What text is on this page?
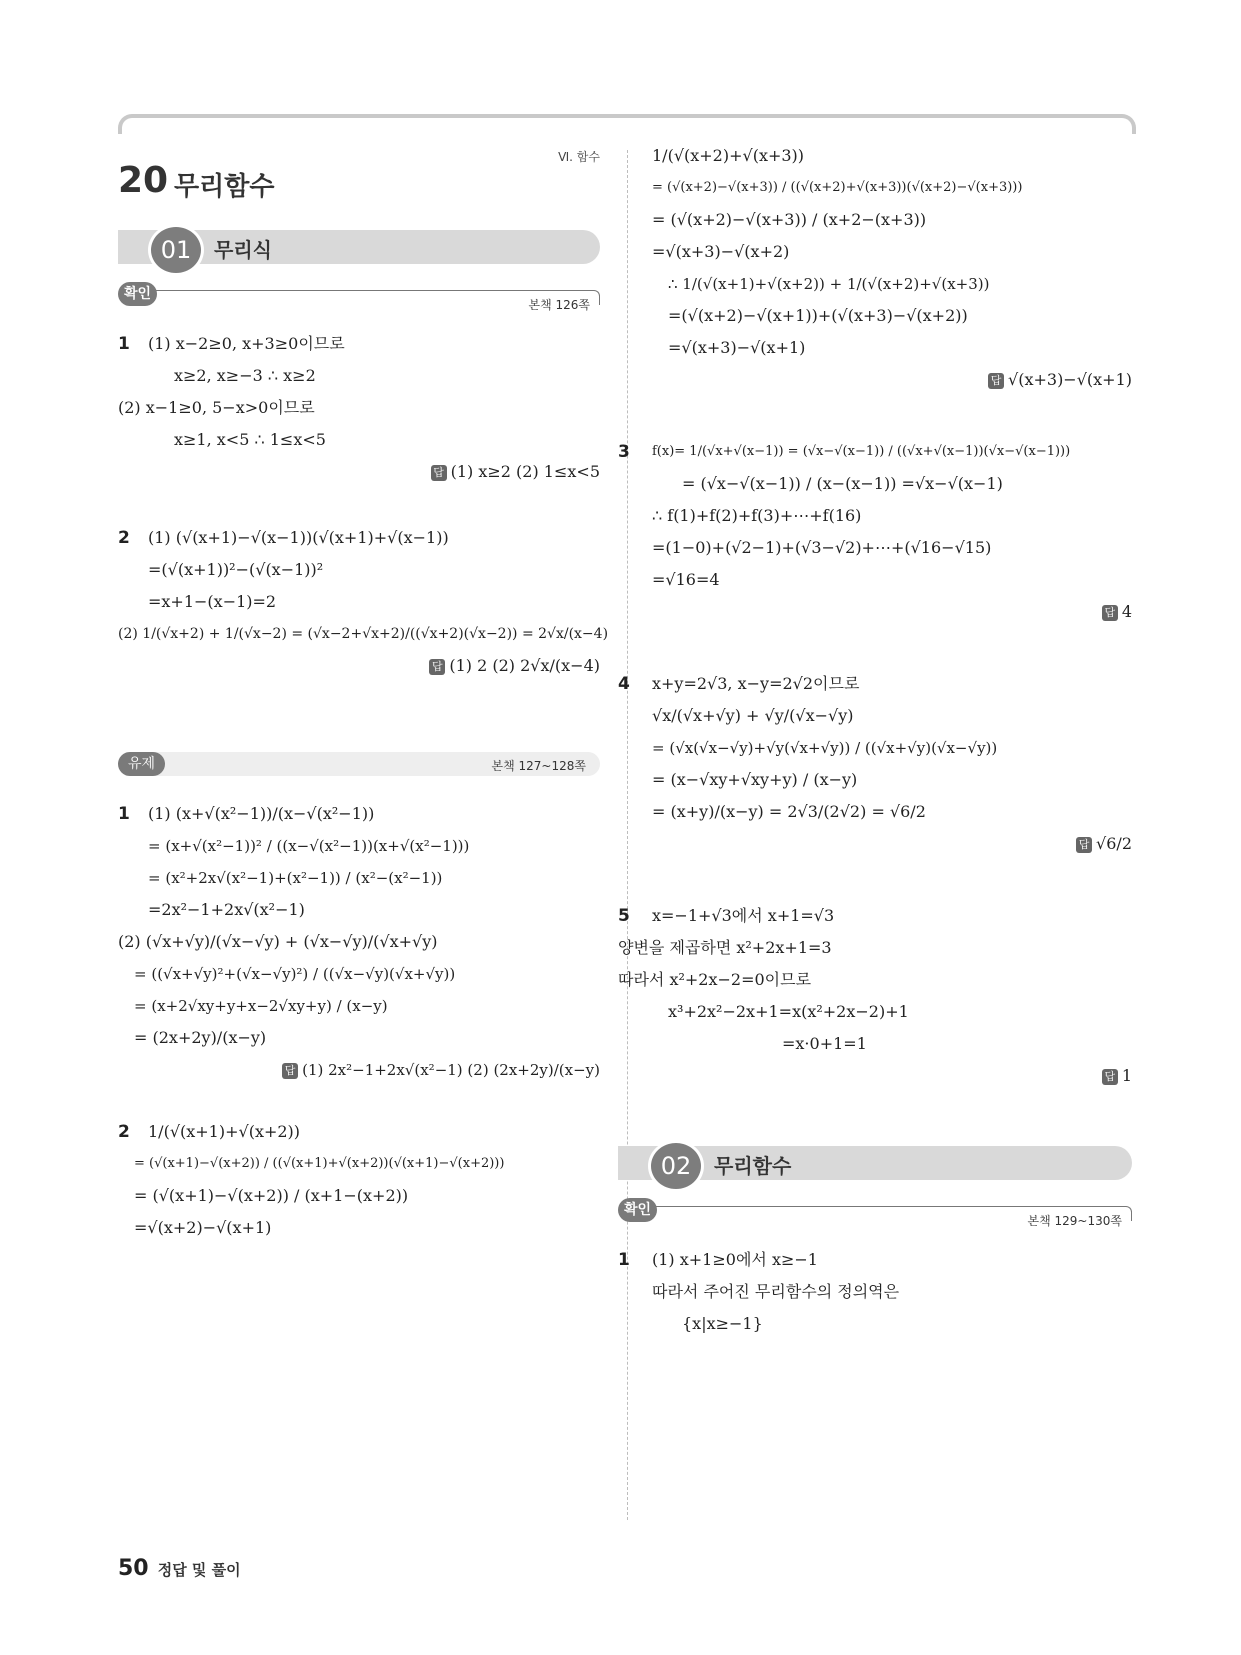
20 무리함수
Ⅵ. 함수
01	무리식
확인
본책 126쪽
1	(1) x−2≥0, x+3≥0이므로
x≥2, x≥−3 ∴ x≥2
(2) x−1≥0, 5−x>0이므로
x≥1, x<5 ∴ 1≤x<5
답 (1) x≥2 (2) 1≤x<5
2	(1) (√(x+1)−√(x−1))(√(x+1)+√(x−1))
=(√(x+1))²−(√(x−1))²
=x+1−(x−1)=2
(2) 1/(√x+2) + 1/(√x−2) = (√x−2+√x+2)/((√x+2)(√x−2)) = 2√x/(x−4)
답 (1) 2 (2) 2√x/(x−4)
유제	본책 127~128쪽
1	(1) (x+√(x²−1))/(x−√(x²−1))
= (x+√(x²−1))² / ((x−√(x²−1))(x+√(x²−1)))
= (x²+2x√(x²−1)+(x²−1)) / (x²−(x²−1))
=2x²−1+2x√(x²−1)
(2) (√x+√y)/(√x−√y) + (√x−√y)/(√x+√y)
= ((√x+√y)²+(√x−√y)²) / ((√x−√y)(√x+√y))
= (x+2√xy+y+x−2√xy+y) / (x−y)
= (2x+2y)/(x−y)
답 (1) 2x²−1+2x√(x²−1) (2) (2x+2y)/(x−y)
2	1/(√(x+1)+√(x+2))
= (√(x+1)−√(x+2)) / ((√(x+1)+√(x+2))(√(x+1)−√(x+2)))
= (√(x+1)−√(x+2)) / (x+1−(x+2))
=√(x+2)−√(x+1)
1/(√(x+2)+√(x+3))
= (√(x+2)−√(x+3)) / ((√(x+2)+√(x+3))(√(x+2)−√(x+3)))
= (√(x+2)−√(x+3)) / (x+2−(x+3))
=√(x+3)−√(x+2)
∴ 1/(√(x+1)+√(x+2)) + 1/(√(x+2)+√(x+3))
=(√(x+2)−√(x+1))+(√(x+3)−√(x+2))
=√(x+3)−√(x+1)
답 √(x+3)−√(x+1)
3 f(x)= 1/(√x+√(x−1)) = (√x−√(x−1)) / ((√x+√(x−1))(√x−√(x−1)))
= (√x−√(x−1)) / (x−(x−1)) =√x−√(x−1)
∴ f(1)+f(2)+f(3)+⋯+f(16)
=(1−0)+(√2−1)+(√3−√2)+⋯+(√16−√15)
=√16=4
답 4
4 x+y=2√3, x−y=2√2이므로
√x/(√x+√y) + √y/(√x−√y)
= (√x(√x−√y)+√y(√x+√y)) / ((√x+√y)(√x−√y))
= (x−√xy+√xy+y) / (x−y)
= (x+y)/(x−y) = 2√3/(2√2) = √6/2
답 √6/2
5 x=−1+√3에서 x+1=√3
양변을 제곱하면 x²+2x+1=3
따라서 x²+2x−2=0이므로
x³+2x²−2x+1=x(x²+2x−2)+1
=x·0+1=1
답 1
02	무리함수
확인
본책 129~130쪽
1 (1) x+1≥0에서 x≥−1
따라서 주어진 무리함수의 정의역은
{x|x≥−1}
50 정답 및 풀이
